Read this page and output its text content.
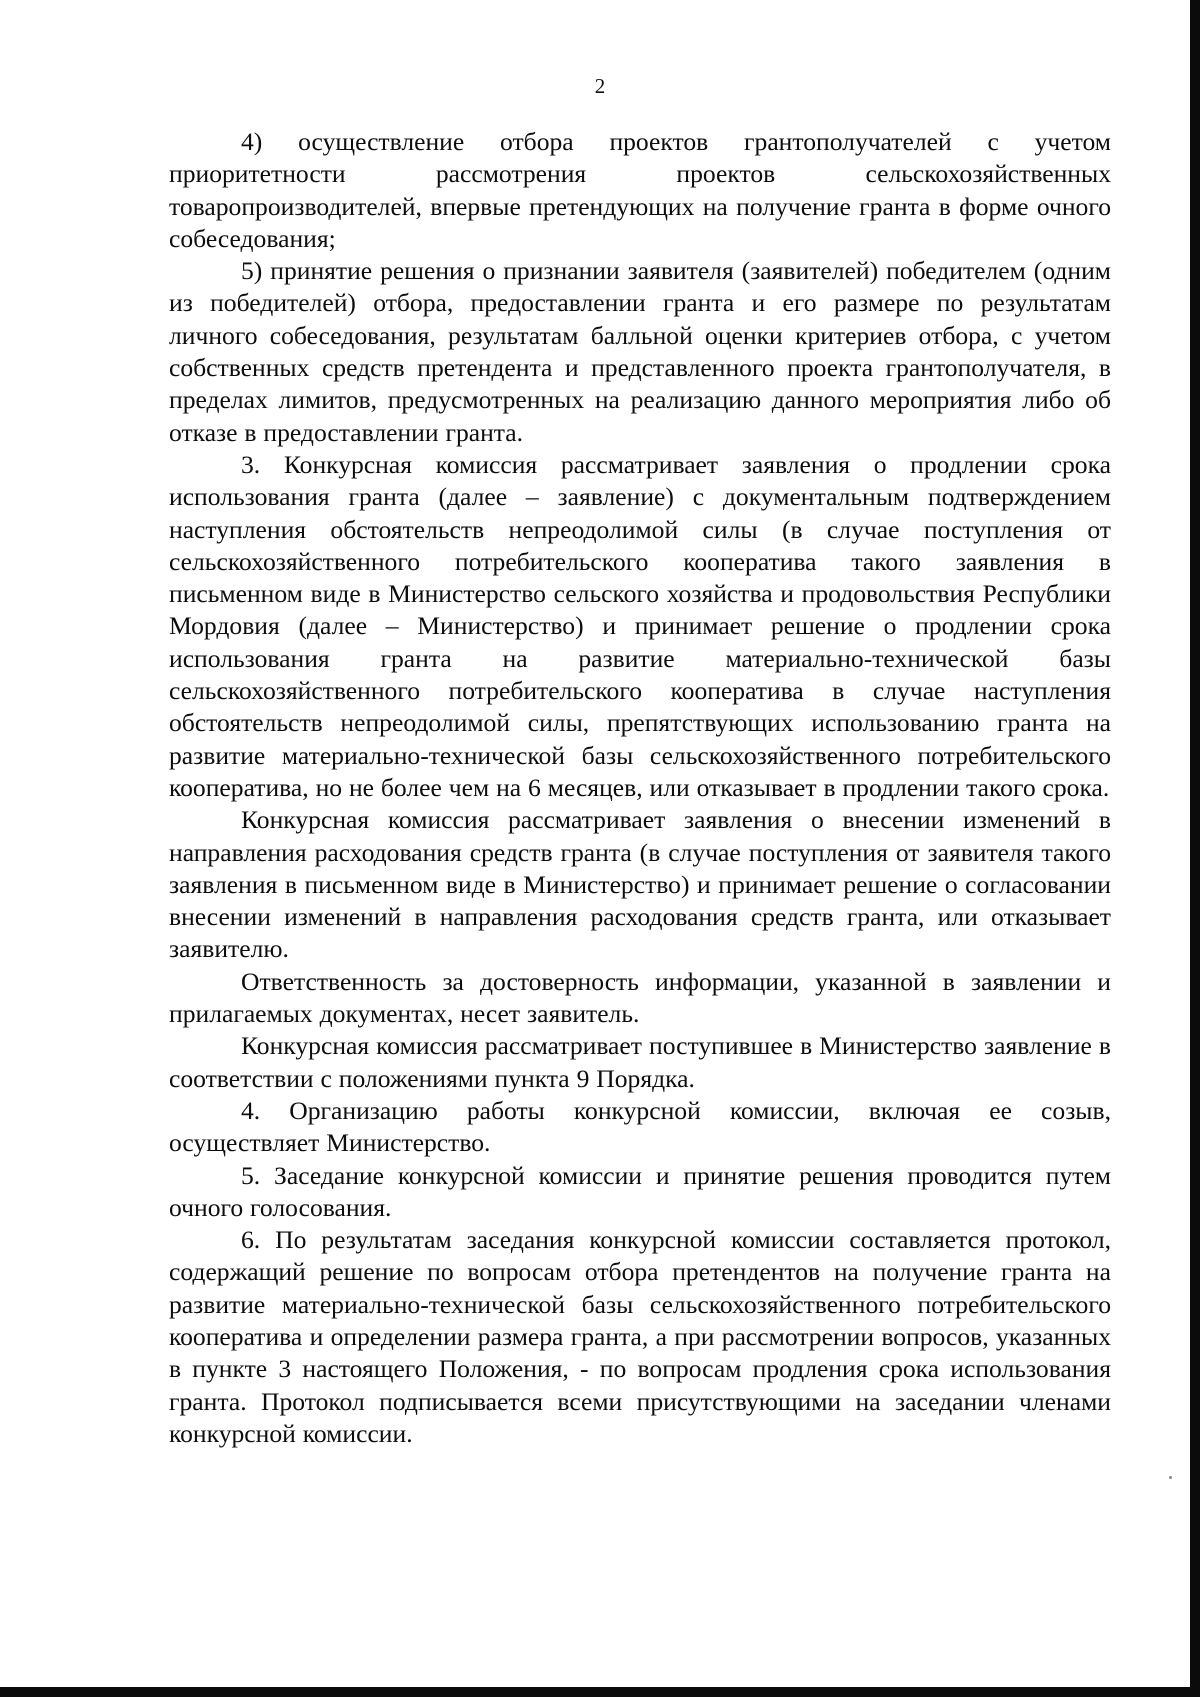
2

4) осуществление отбора проектов грантополучателей с учетом приоритетности рассмотрения проектов сельскохозяйственных товаропроизводителей, впервые претендующих на получение гранта в форме очного собеседования;

5) принятие решения о признании заявителя (заявителей) победителем (одним из победителей) отбора, предоставлении гранта и его размере по результатам личного собеседования, результатам балльной оценки критериев отбора, с учетом собственных средств претендента и представленного проекта грантополучателя, в пределах лимитов, предусмотренных на реализацию данного мероприятия либо об отказе в предоставлении гранта.

3. Конкурсная комиссия рассматривает заявления о продлении срока использования гранта (далее – заявление) с документальным подтверждением наступления обстоятельств непреодолимой силы (в случае поступления от сельскохозяйственного потребительского кооператива такого заявления в письменном виде в Министерство сельского хозяйства и продовольствия Республики Мордовия (далее – Министерство) и принимает решение о продлении срока использования гранта на развитие материально-технической базы сельскохозяйственного потребительского кооператива в случае наступления обстоятельств непреодолимой силы, препятствующих использованию гранта на развитие материально-технической базы сельскохозяйственного потребительского кооператива, но не более чем на 6 месяцев, или отказывает в продлении такого срока.

Конкурсная комиссия рассматривает заявления о внесении изменений в направления расходования средств гранта (в случае поступления от заявителя такого заявления в письменном виде в Министерство) и принимает решение о согласовании внесении изменений в направления расходования средств гранта, или отказывает заявителю.

Ответственность за достоверность информации, указанной в заявлении и прилагаемых документах, несет заявитель.

Конкурсная комиссия рассматривает поступившее в Министерство заявление в соответствии с положениями пункта 9 Порядка.

4. Организацию работы конкурсной комиссии, включая ее созыв, осуществляет Министерство.

5. Заседание конкурсной комиссии и принятие решения проводится путем очного голосования.

6. По результатам заседания конкурсной комиссии составляется протокол, содержащий решение по вопросам отбора претендентов на получение гранта на развитие материально-технической базы сельскохозяйственного потребительского кооператива и определении размера гранта, а при рассмотрении вопросов, указанных в пункте 3 настоящего Положения, - по вопросам продления срока использования гранта. Протокол подписывается всеми присутствующими на заседании членами конкурсной комиссии.
